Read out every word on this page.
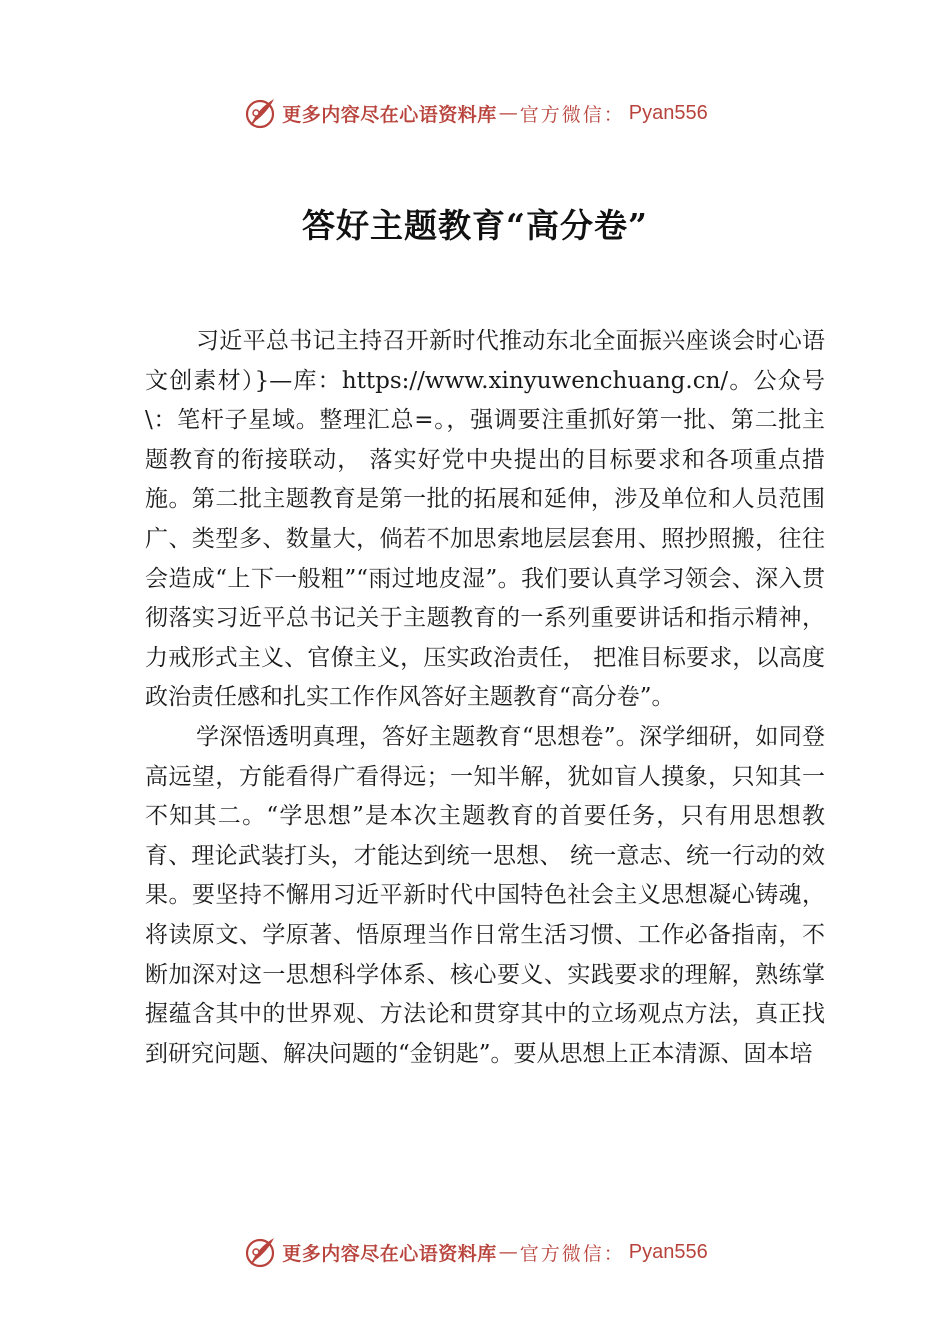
更多内容尽在心语资料库 — 官方微信： Pyan556
答好主题教育“高分卷”

习近平总书记主持召开新时代推动东北全面振兴座谈会时心语文创素材）}—库：https://www.xinyuwenchuang.cn/。公众号\：笔杆子星域。整理汇总=。，强调要注重抓好第一批、第二批主题教育的衔接联动， 落实好党中央提出的目标要求和各项重点措施。第二批主题教育是第一批的拓展和延伸，涉及单位和人员范围广、类型多、数量大，倘若不加思索地层层套用、照抄照搬，往往会造成“上下一般粗”“雨过地皮湿”。我们要认真学习领会、深入贯彻落实习近平总书记关于主题教育的一系列重要讲话和指示精神，力戒形式主义、官僚主义，压实政治责任， 把准目标要求，以高度政治责任感和扎实工作作风答好主题教育“高分卷”。

学深悟透明真理，答好主题教育“思想卷”。深学细研，如同登高远望，方能看得广看得远；一知半解，犹如盲人摸象，只知其一不知其二。“学思想”是本次主题教育的首要任务，只有用思想教育、理论武装打头，才能达到统一思想、 统一意志、统一行动的效果。要坚持不懈用习近平新时代中国特色社会主义思想凝心铸魂，将读原文、学原著、悟原理当作日常生活习惯、工作必备指南，不断加深对这一思想科学体系、核心要义、实践要求的理解，熟练掌握蕴含其中的世界观、方法论和贯穿其中的立场观点方法，真正找到研究问题、解决问题的“金钥匙”。要从思想上正本清源、固本培

更多内容尽在心语资料库 — 官方微信： Pyan556
